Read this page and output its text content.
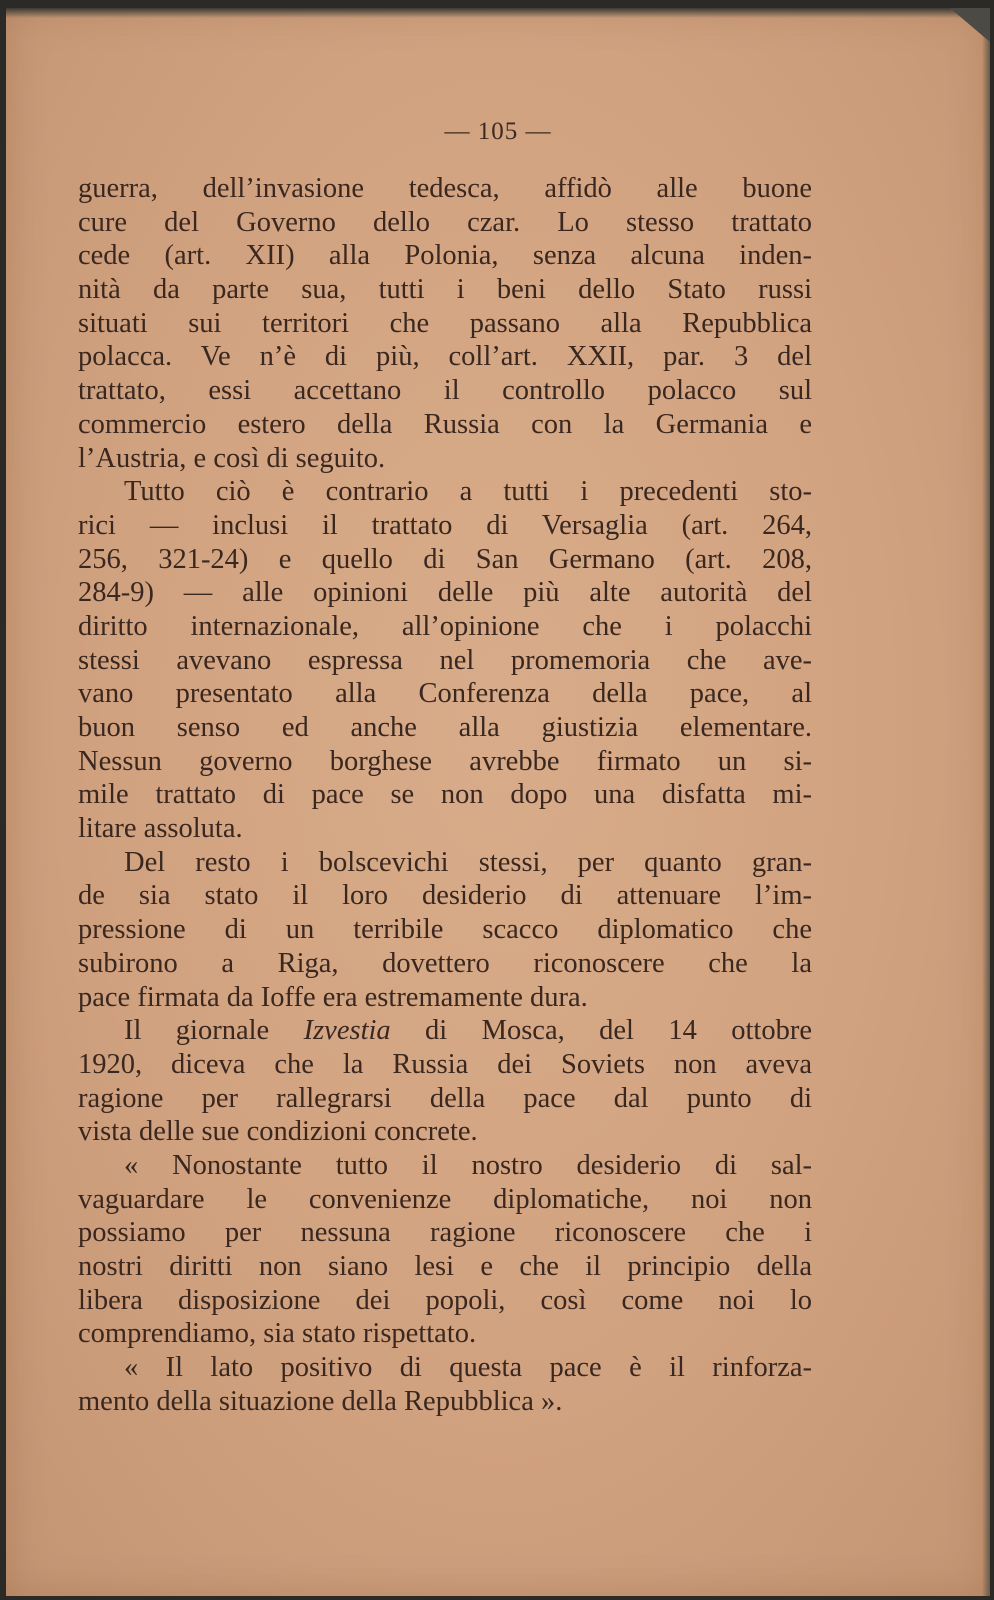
— 105 —
guerra, dell’invasione tedesca, affidò alle buone
cure del Governo dello czar. Lo stesso trattato
cede (art. XII) alla Polonia, senza alcuna inden-
nità da parte sua, tutti i beni dello Stato russi
situati sui territori che passano alla Repubblica
polacca. Ve n’è di più, coll’art. XXII, par. 3 del
trattato, essi accettano il controllo polacco sul
commercio estero della Russia con la Germania e
l’Austria, e così di seguito.
Tutto ciò è contrario a tutti i precedenti sto-
rici — inclusi il trattato di Versaglia (art. 264,
256, 321-24) e quello di San Germano (art. 208,
284-9) — alle opinioni delle più alte autorità del
diritto internazionale, all’opinione che i polacchi
stessi avevano espressa nel promemoria che ave-
vano presentato alla Conferenza della pace, al
buon senso ed anche alla giustizia elementare.
Nessun governo borghese avrebbe firmato un si-
mile trattato di pace se non dopo una disfatta mi-
litare assoluta.
Del resto i bolscevichi stessi, per quanto gran-
de sia stato il loro desiderio di attenuare l’im-
pressione di un terribile scacco diplomatico che
subirono a Riga, dovettero riconoscere che la
pace firmata da Ioffe era estremamente dura.
Il giornale Izvestia di Mosca, del 14 ottobre
1920, diceva che la Russia dei Soviets non aveva
ragione per rallegrarsi della pace dal punto di
vista delle sue condizioni concrete.
« Nonostante tutto il nostro desiderio di sal-
vaguardare le convenienze diplomatiche, noi non
possiamo per nessuna ragione riconoscere che i
nostri diritti non siano lesi e che il principio della
libera disposizione dei popoli, così come noi lo
comprendiamo, sia stato rispettato.
« Il lato positivo di questa pace è il rinforza-
mento della situazione della Repubblica ».
